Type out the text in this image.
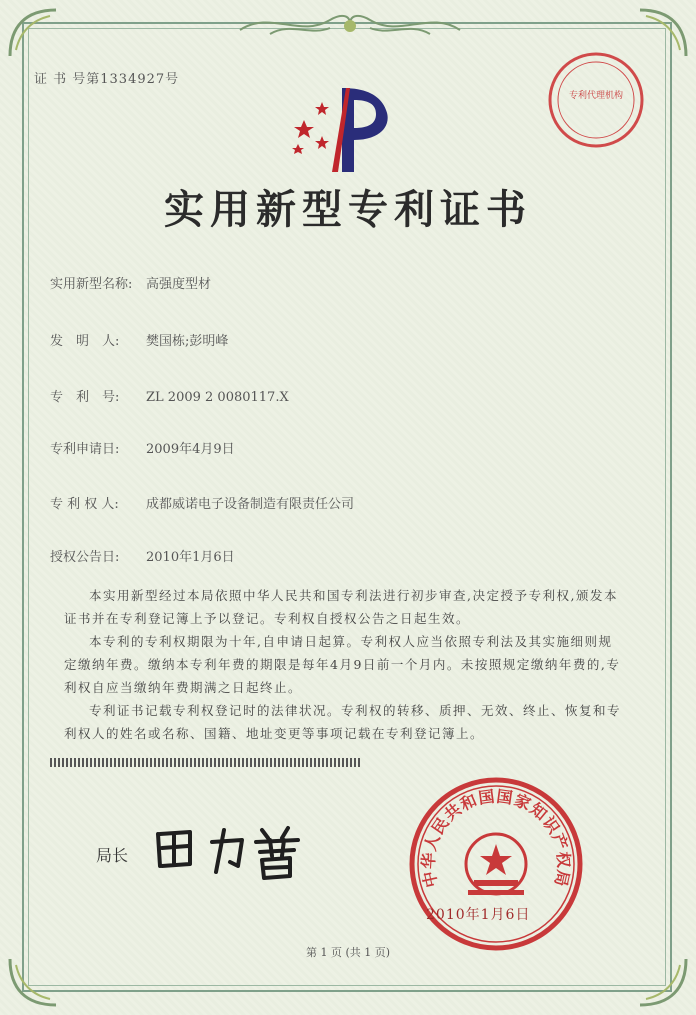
证 书 号第1334927号
专利代理机构
实用新型专利证书
实用新型名称: 高强度型材
发　明　人: 樊国栋;彭明峰
专　利　号: ZL 2009 2 0080117.X
专利申请日: 2009年4月9日
专 利 权 人: 成都威诺电子设备制造有限责任公司
授权公告日: 2010年1月6日
本实用新型经过本局依照中华人民共和国专利法进行初步审查,决定授予专利权,颁发本证书并在专利登记簿上予以登记。专利权自授权公告之日起生效。
本专利的专利权期限为十年,自申请日起算。专利权人应当依照专利法及其实施细则规定缴纳年费。缴纳本专利年费的期限是每年4月9日前一个月内。未按照规定缴纳年费的,专利权自应当缴纳年费期满之日起终止。
专利证书记载专利权登记时的法律状况。专利权的转移、质押、无效、终止、恢复和专利权人的姓名或名称、国籍、地址变更等事项记载在专利登记簿上。
局长
中华人民共和国国家知识产权局
2010年1月6日
第 1 页 (共 1 页)
